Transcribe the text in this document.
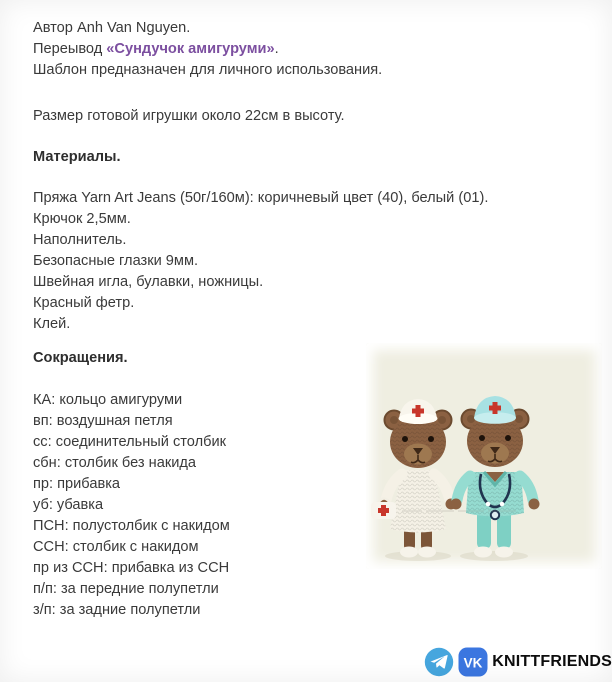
Автор Anh Van Nguyen.
Переывод «Сундучок амигуруми».
Шаблон предназначен для личного использования.
Размер готовой игрушки около 22см в высоту.
Материалы.
Пряжа Yarn Art Jeans (50г/160м): коричневый цвет (40), белый (01).
Крючок 2,5мм.
Наполнитель.
Безопасные глазки 9мм.
Швейная игла, булавки, ножницы.
Красный фетр.
Клей.
Сокращения.
КА: кольцо амигуруми
вп: воздушная петля
сс: соединительный столбик
сбн: столбик без накида
пр: прибавка
уб: убавка
ПСН: полустолбик с накидом
ССН: столбик с накидом
пр из ССН: прибавка из ССН
п/п: за передние полупетли
з/п: за задние полупетли
VK KNITTFRIENDS
